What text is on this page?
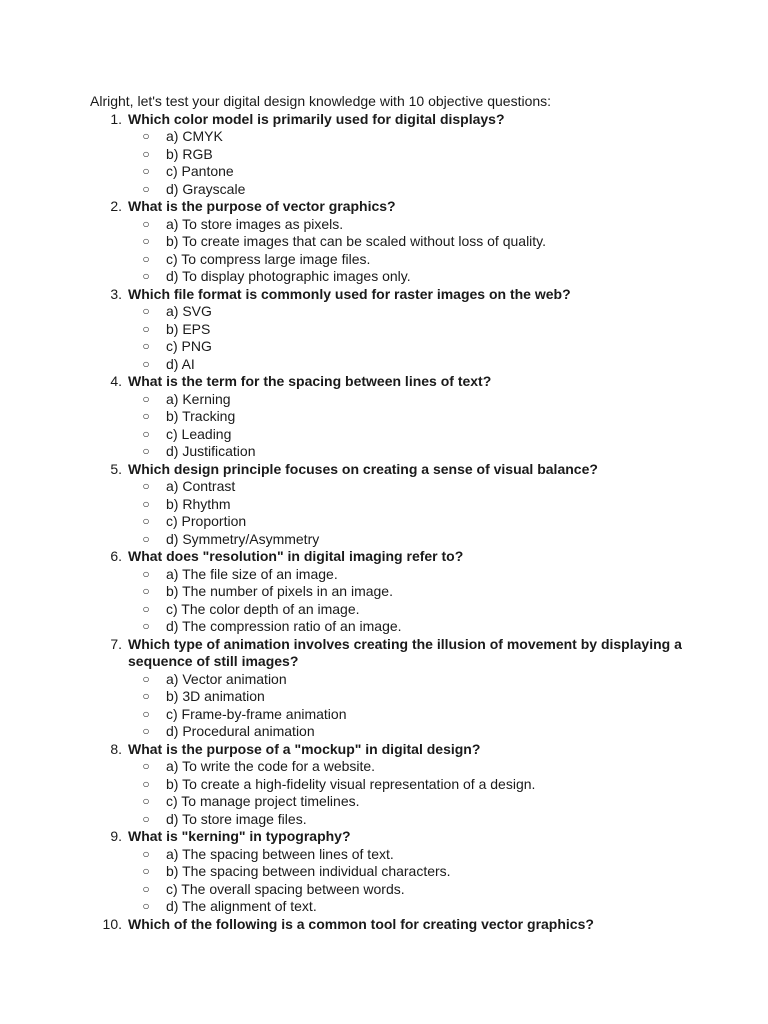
Alright, let's test your digital design knowledge with 10 objective questions:
1. Which color model is primarily used for digital displays?
○ a) CMYK
○ b) RGB
○ c) Pantone
○ d) Grayscale
2. What is the purpose of vector graphics?
○ a) To store images as pixels.
○ b) To create images that can be scaled without loss of quality.
○ c) To compress large image files.
○ d) To display photographic images only.
3. Which file format is commonly used for raster images on the web?
○ a) SVG
○ b) EPS
○ c) PNG
○ d) AI
4. What is the term for the spacing between lines of text?
○ a) Kerning
○ b) Tracking
○ c) Leading
○ d) Justification
5. Which design principle focuses on creating a sense of visual balance?
○ a) Contrast
○ b) Rhythm
○ c) Proportion
○ d) Symmetry/Asymmetry
6. What does "resolution" in digital imaging refer to?
○ a) The file size of an image.
○ b) The number of pixels in an image.
○ c) The color depth of an image.
○ d) The compression ratio of an image.
7. Which type of animation involves creating the illusion of movement by displaying a sequence of still images?
○ a) Vector animation
○ b) 3D animation
○ c) Frame-by-frame animation
○ d) Procedural animation
8. What is the purpose of a "mockup" in digital design?
○ a) To write the code for a website.
○ b) To create a high-fidelity visual representation of a design.
○ c) To manage project timelines.
○ d) To store image files.
9. What is "kerning" in typography?
○ a) The spacing between lines of text.
○ b) The spacing between individual characters.
○ c) The overall spacing between words.
○ d) The alignment of text.
10. Which of the following is a common tool for creating vector graphics?
